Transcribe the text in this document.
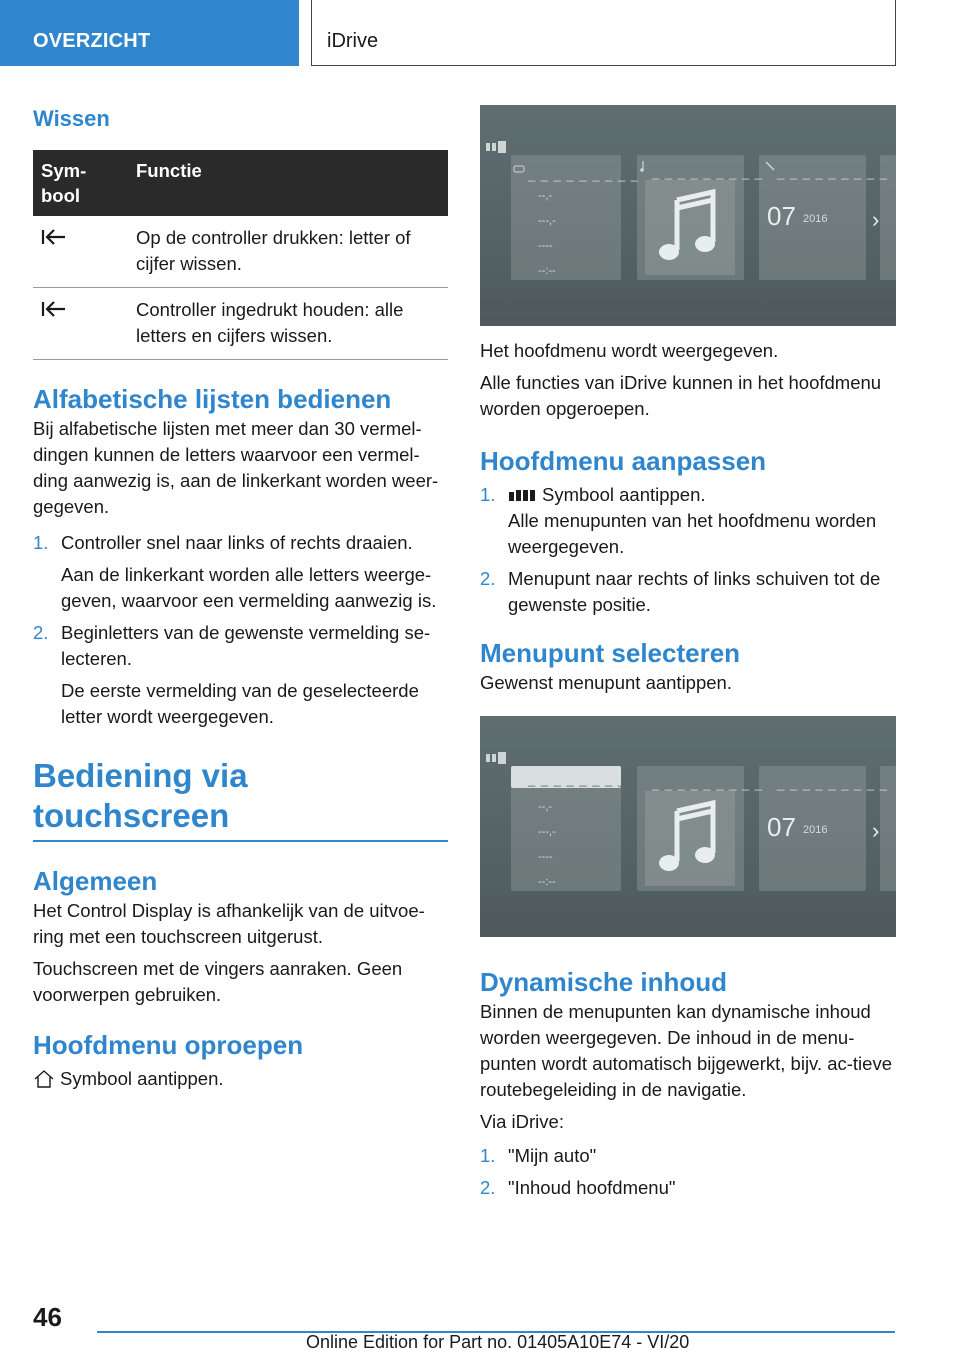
OVERZICHT	iDrive
Wissen
Sym-
bool	Functie
	Op de controller drukken: letter of cijfer wissen.
	Controller ingedrukt houden: alle letters en cijfers wissen.
Alfabetische lijsten bedienen

Bij alfabetische lijsten met meer dan 30 vermel‐dingen kunnen de letters waarvoor een vermel‐ding aanwezig is, aan de linkerkant worden weer‐gegeven.

1. Controller snel naar links of rechts draaien.

Aan de linkerkant worden alle letters weerge‐geven, waarvoor een vermelding aanwezig is.

2. Beginletters van de gewenste vermelding se‐lecteren.

De eerste vermelding van de geselecteerde letter wordt weergegeven.

Bediening via touchscreen
Algemeen

Het Control Display is afhankelijk van de uitvoe‐ring met een touchscreen uitgerust.

Touchscreen met de vingers aanraken. Geen voorwerpen gebruiken.

Hoofdmenu oproepen

Symbool aantippen.

_ _ _ _ _ _ _ _ _ _ _ _ _ _ _ _ _ _ _ _ _ _ _ _ _ _ _
--,-
---,-
----
--:--
07 2016 ›

Het hoofdmenu wordt weergegeven.

Alle functies van iDrive kunnen in het hoofdmenu worden opgeroepen.

Hoofdmenu aanpassen
1.	Symbool aantippen.

Alle menupunten van het hoofdmenu worden weergegeven.

2. Menupunt naar rechts of links schuiven tot de gewenste positie.

Menupunt selecteren

Gewenst menupunt aantippen.

_ _ _ _ _ _ _ _ _ _ _ _ _ _ _ _ _ _ _ _ _ _ _ _ _ _ _
--,-
---,-
----
--:--
07 2016 ›
Dynamische inhoud

Binnen de menupunten kan dynamische inhoud worden weergegeven. De inhoud in de menu‐punten wordt automatisch bijgewerkt, bijv. ac‐tieve routebegeleiding in de navigatie.

Via iDrive:

1. "Mijn auto"

2. "Inhoud hoofdmenu"

46
Online Edition for Part no. 01405A10E74 - VI/20
